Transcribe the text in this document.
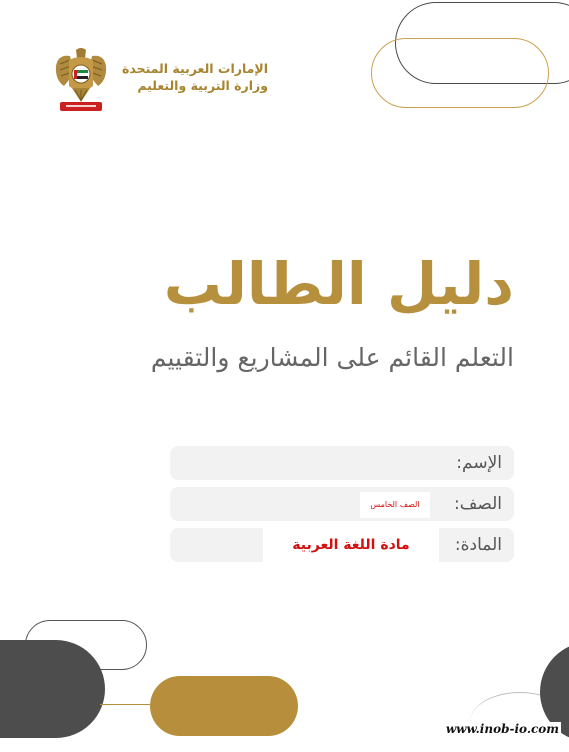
الإمارات العربية المتحدة
وزارة التربية والتعليم
دليل الطالب
التعلم القائم على المشاريع والتقييم
الإسم:
الصف:
الصف الخامس
المادة:
مادة اللغة العربية
www.inob-io.com
